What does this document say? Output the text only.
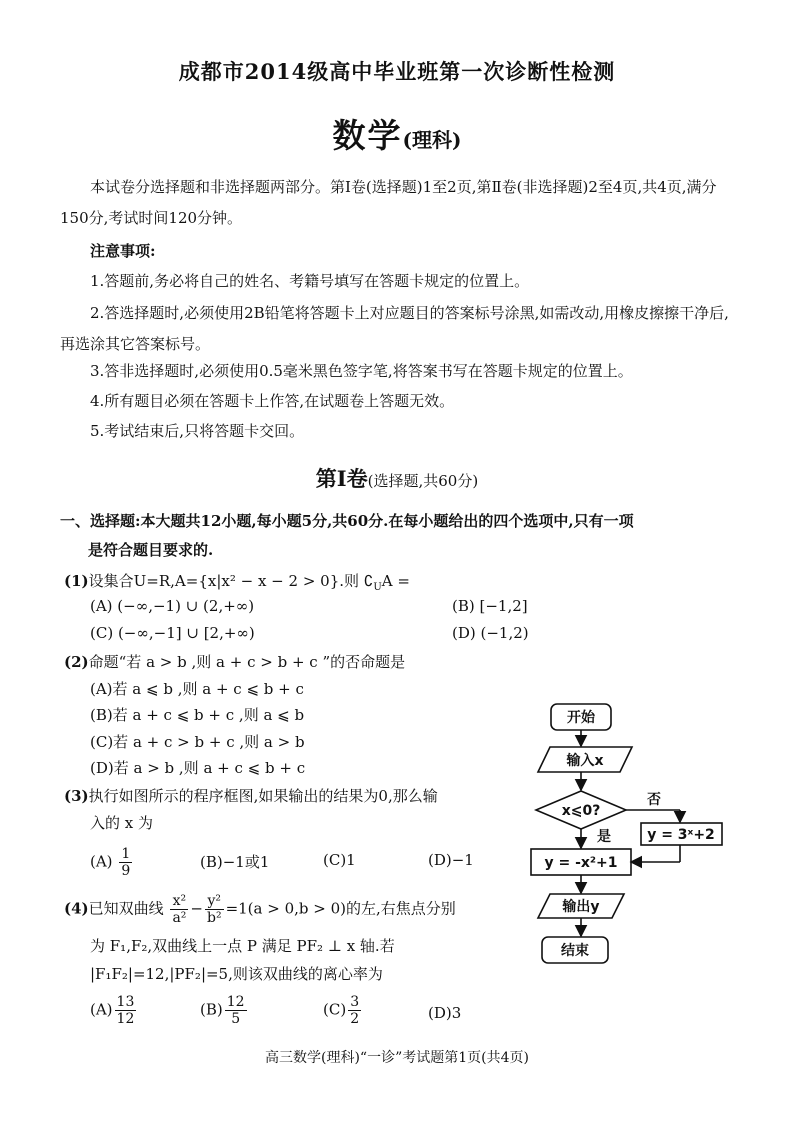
成都市2014级高中毕业班第一次诊断性检测
数学(理科)
本试卷分选择题和非选择题两部分。第Ⅰ卷(选择题)1至2页,第Ⅱ卷(非选择题)2至4页,共4页,满分150分,考试时间120分钟。
注意事项:
1.答题前,务必将自己的姓名、考籍号填写在答题卡规定的位置上。
2.答选择题时,必须使用2B铅笔将答题卡上对应题目的答案标号涂黑,如需改动,用橡皮擦擦干净后,再选涂其它答案标号。
3.答非选择题时,必须使用0.5毫米黑色签字笔,将答案书写在答题卡规定的位置上。
4.所有题目必须在答题卡上作答,在试题卷上答题无效。
5.考试结束后,只将答题卡交回。
第Ⅰ卷(选择题,共60分)
一、选择题:本大题共12小题,每小题5分,共60分.在每小题给出的四个选项中,只有一项
是符合题目要求的.
(1)设集合U=R,A={x|x² − x − 2 > 0}.则 $∁_UA$ =
(A) (−∞,−1) ∪ (2,+∞)	(B) [−1,2]
(C) (−∞,−1] ∪ [2,+∞)	(D) (−1,2)
(2)命题“若 a > b ,则 a + c > b + c ”的否命题是
(A)若 a ⩽ b ,则 a + c ⩽ b + c
(B)若 a + c ⩽ b + c ,则 a ⩽ b
(C)若 a + c > b + c ,则 a > b
(D)若 a > b ,则 a + c ⩽ b + c
(3)执行如图所示的程序框图,如果输出的结果为0,那么输
入的 x 为
$(A) \frac{1}{9}$	(B)−1或1	(C)1	(D)−1
(4)已知双曲线 $\frac{\text{x²}}{\text{a²}} - \frac{\text{y²}}{\text{b²}} =1(a > 0,b > 0)$的左,右焦点分别
为 F₁,F₂,双曲线上一点 P 满足 PF₂ ⊥ x 轴.若
|F₁F₂|=12,|PF₂|=5,则该双曲线的离心率为
$(A) \frac{13}{12}$	$(B) \frac{12}{5}$	$(C) \frac{3}{2}$	(D)3
开始
输入x
x⩽0?
否
是	y = 3ˣ+2
y = -x²+1
输出y
结束
高三数学(理科)“一诊”考试题第1页(共4页)
